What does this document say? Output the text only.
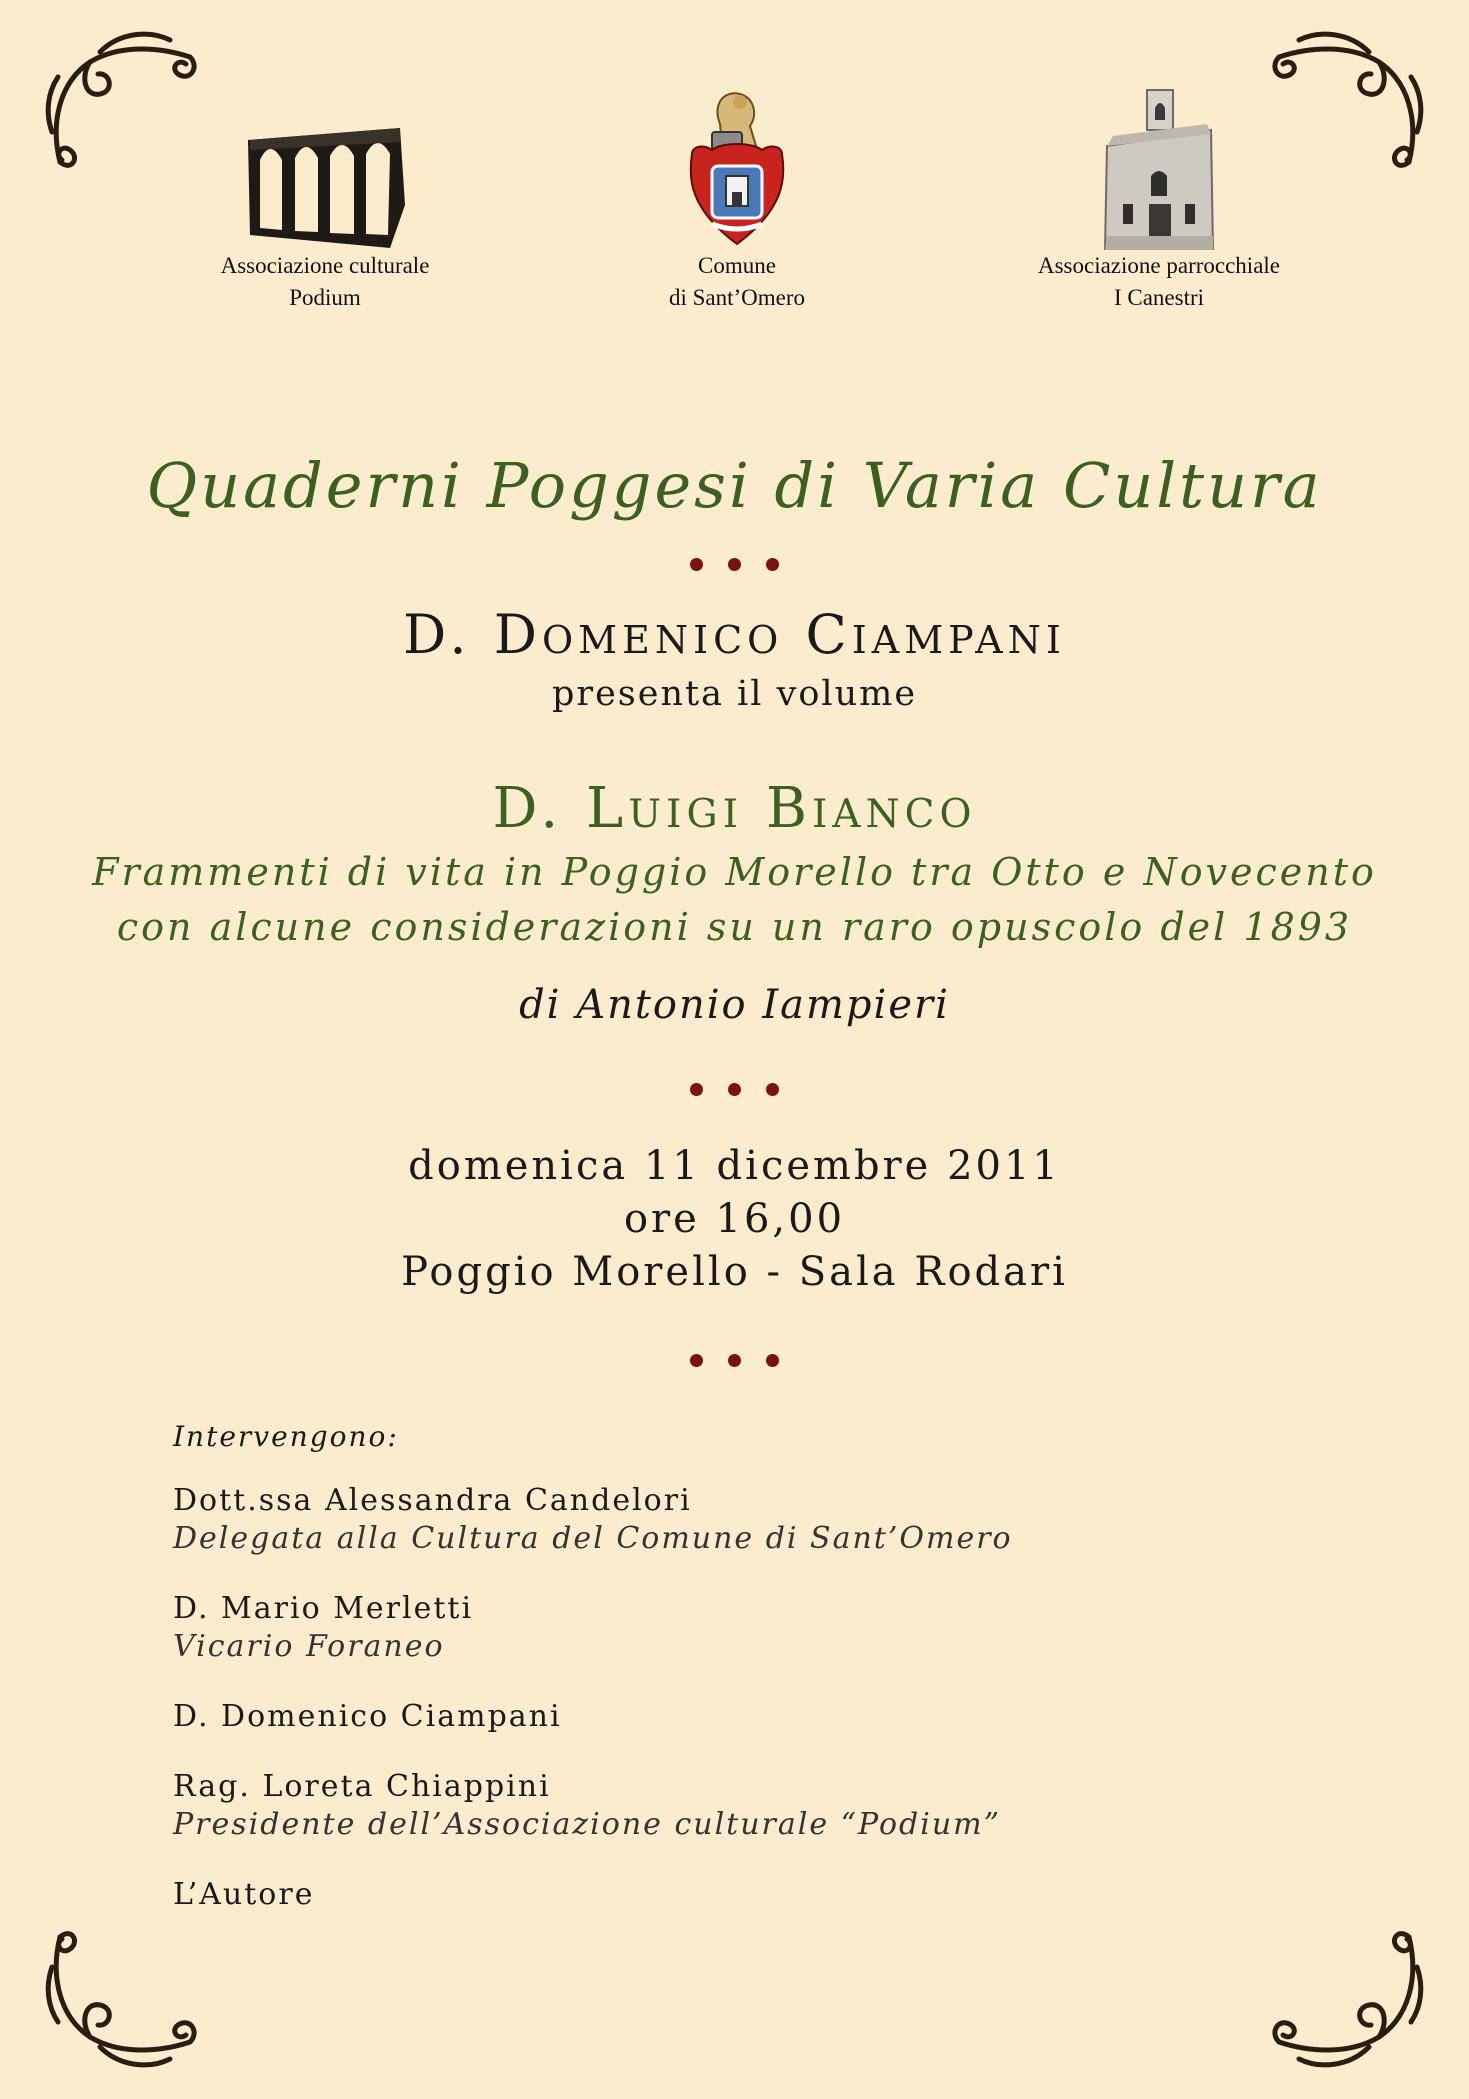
Associazione culturale
Podium
Comune
di Sant’Omero
Associazione parrocchiale
I Canestri
Quaderni Poggesi di Varia Cultura
D. Domenico Ciampani
presenta il volume
D. Luigi Bianco
Frammenti di vita in Poggio Morello tra Otto e Novecento
con alcune considerazioni su un raro opuscolo del 1893
di Antonio Iampieri
domenica 11 dicembre 2011
ore 16,00
Poggio Morello - Sala Rodari
Intervengono:
Dott.ssa Alessandra Candelori
Delegata alla Cultura del Comune di Sant’Omero
D. Mario Merletti
Vicario Foraneo
D. Domenico Ciampani
Rag. Loreta Chiappini
Presidente dell’Associazione culturale “Podium”
L’Autore
